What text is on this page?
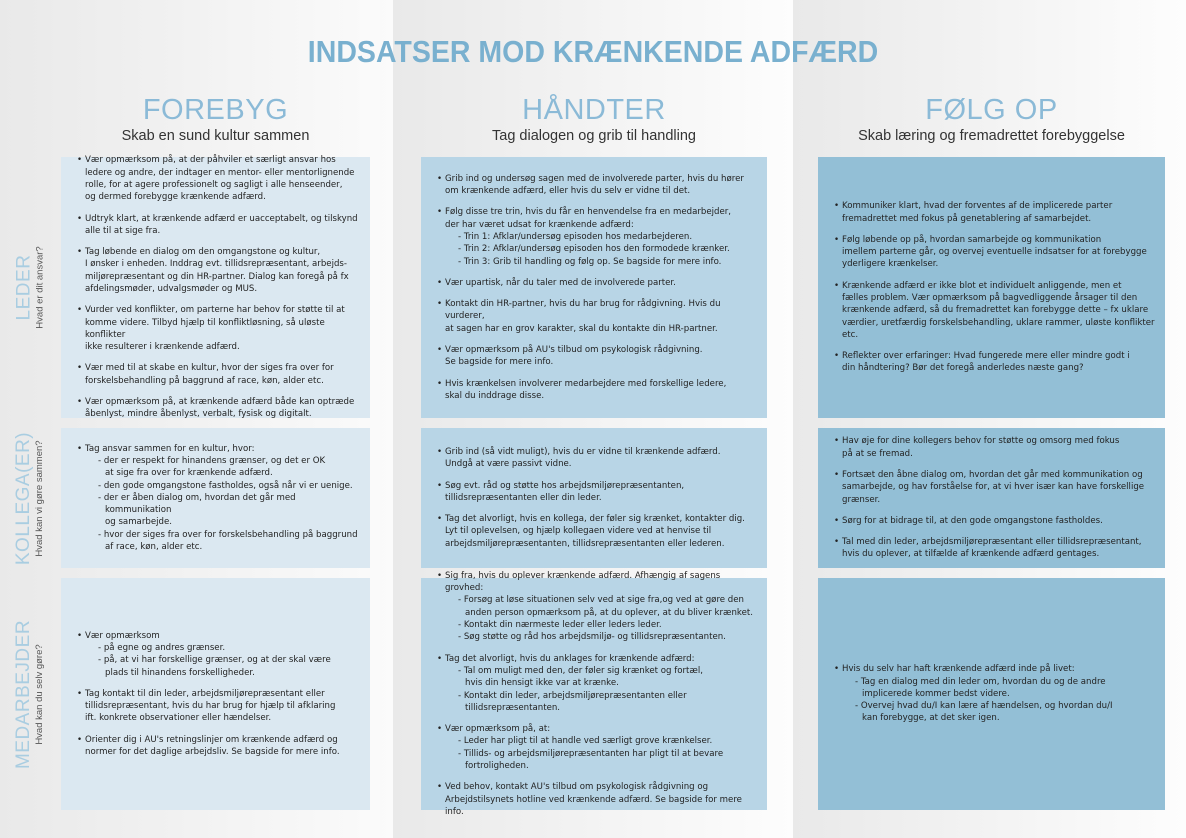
INDSATSER MOD KRÆNKENDE ADFÆRD
FOREBYG
Skab en sund kultur sammen
HÅNDTER
Tag dialogen og grib til handling
FØLG OP
Skab læring og fremadrettet forebyggelse
LEDER Hvad er dit ansvar?
KOLLEGA(ER) Hvad kan vi gøre sammen?
MEDARBEJDER Hvad kan du selv gøre?
• Vær opmærksom på, at der påhviler et særligt ansvar hos
ledere og andre, der indtager en mentor- eller mentorlignende
rolle, for at agere professionelt og sagligt i alle henseender,
og dermed forebygge krænkende adfærd.
• Udtryk klart, at krænkende adfærd er uacceptabelt, og tilskynd
alle til at sige fra.
• Tag løbende en dialog om den omgangstone og kultur,
I ønsker i enheden. Inddrag evt. tillidsrepræsentant, arbejds-
miljørepræsentant og din HR-partner. Dialog kan foregå på fx
afdelingsmøder, udvalgsmøder og MUS.
• Vurder ved konflikter, om parterne har behov for støtte til at
komme videre. Tilbyd hjælp til konfliktløsning, så uløste konflikter
ikke resulterer i krænkende adfærd.
• Vær med til at skabe en kultur, hvor der siges fra over for
forskelsbehandling på baggrund af race, køn, alder etc.
• Vær opmærksom på, at krænkende adfærd både kan optræde
åbenlyst, mindre åbenlyst, verbalt, fysisk og digitalt.
• Grib ind og undersøg sagen med de involverede parter, hvis du hører
om krænkende adfærd, eller hvis du selv er vidne til det.
• Følg disse tre trin, hvis du får en henvendelse fra en medarbejder,
der har været udsat for krænkende adfærd:
- Trin 1: Afklar/undersøg episoden hos medarbejderen.
- Trin 2: Afklar/undersøg episoden hos den formodede krænker.
- Trin 3: Grib til handling og følg op. Se bagside for mere info.
• Vær upartisk, når du taler med de involverede parter.
• Kontakt din HR-partner, hvis du har brug for rådgivning. Hvis du vurderer,
at sagen har en grov karakter, skal du kontakte din HR-partner.
• Vær opmærksom på AU's tilbud om psykologisk rådgivning.
Se bagside for mere info.
• Hvis krænkelsen involverer medarbejdere med forskellige ledere,
skal du inddrage disse.
• Kommuniker klart, hvad der forventes af de implicerede parter
fremadrettet med fokus på genetablering af samarbejdet.
• Følg løbende op på, hvordan samarbejde og kommunikation
imellem parterne går, og overvej eventuelle indsatser for at forebygge
yderligere krænkelser.
• Krænkende adfærd er ikke blot et individuelt anliggende, men et
fælles problem. Vær opmærksom på bagvedliggende årsager til den
krænkende adfærd, så du fremadrettet kan forebygge dette – fx uklare
værdier, uretfærdig forskelsbehandling, uklare rammer, uløste konflikter etc.
• Reflekter over erfaringer: Hvad fungerede mere eller mindre godt i
din håndtering? Bør det foregå anderledes næste gang?
• Tag ansvar sammen for en kultur, hvor:
- der er respekt for hinandens grænser, og det er OK
at sige fra over for krænkende adfærd.
- den gode omgangstone fastholdes, også når vi er uenige.
- der er åben dialog om, hvordan det går med kommunikation
og samarbejde.
- hvor der siges fra over for forskelsbehandling på baggrund
af race, køn, alder etc.
• Grib ind (så vidt muligt), hvis du er vidne til krænkende adfærd.
Undgå at være passivt vidne.
• Søg evt. råd og støtte hos arbejdsmiljørepræsentanten,
tillidsrepræsentanten eller din leder.
• Tag det alvorligt, hvis en kollega, der føler sig krænket, kontakter dig.
Lyt til oplevelsen, og hjælp kollegaen videre ved at henvise til
arbejdsmiljørepræsentanten, tillidsrepræsentanten eller lederen.
• Hav øje for dine kollegers behov for støtte og omsorg med fokus
på at se fremad.
• Fortsæt den åbne dialog om, hvordan det går med kommunikation og
samarbejde, og hav forståelse for, at vi hver især kan have forskellige grænser.
• Sørg for at bidrage til, at den gode omgangstone fastholdes.
• Tal med din leder, arbejdsmiljørepræsentant eller tillidsrepræsentant,
hvis du oplever, at tilfælde af krænkende adfærd gentages.
• Vær opmærksom
- på egne og andres grænser.
- på, at vi har forskellige grænser, og at der skal være
plads til hinandens forskelligheder.
• Tag kontakt til din leder, arbejdsmiljørepræsentant eller
tillidsrepræsentant, hvis du har brug for hjælp til afklaring
ift. konkrete observationer eller hændelser.
• Orienter dig i AU's retningslinjer om krænkende adfærd og
normer for det daglige arbejdsliv. Se bagside for mere info.
• Sig fra, hvis du oplever krænkende adfærd. Afhængig af sagens grovhed:
- Forsøg at løse situationen selv ved at sige fra,og ved at gøre den
anden person opmærksom på, at du oplever, at du bliver krænket.
- Kontakt din nærmeste leder eller leders leder.
- Søg støtte og råd hos arbejdsmiljø- og tillidsrepræsentanten.
• Tag det alvorligt, hvis du anklages for krænkende adfærd:
- Tal om muligt med den, der føler sig krænket og fortæl,
hvis din hensigt ikke var at krænke.
- Kontakt din leder, arbejdsmiljørepræsentanten eller tillidsrepræsentanten.
• Vær opmærksom på, at:
- Leder har pligt til at handle ved særligt grove krænkelser.
- Tillids- og arbejdsmiljørepræsentanten har pligt til at bevare
fortroligheden.
• Ved behov, kontakt AU's tilbud om psykologisk rådgivning og
Arbejdstilsynets hotline ved krænkende adfærd. Se bagside for mere info.
• Hvis du selv har haft krænkende adfærd inde på livet:
- Tag en dialog med din leder om, hvordan du og de andre
implicerede kommer bedst videre.
- Overvej hvad du/I kan lære af hændelsen, og hvordan du/I
kan forebygge, at det sker igen.
